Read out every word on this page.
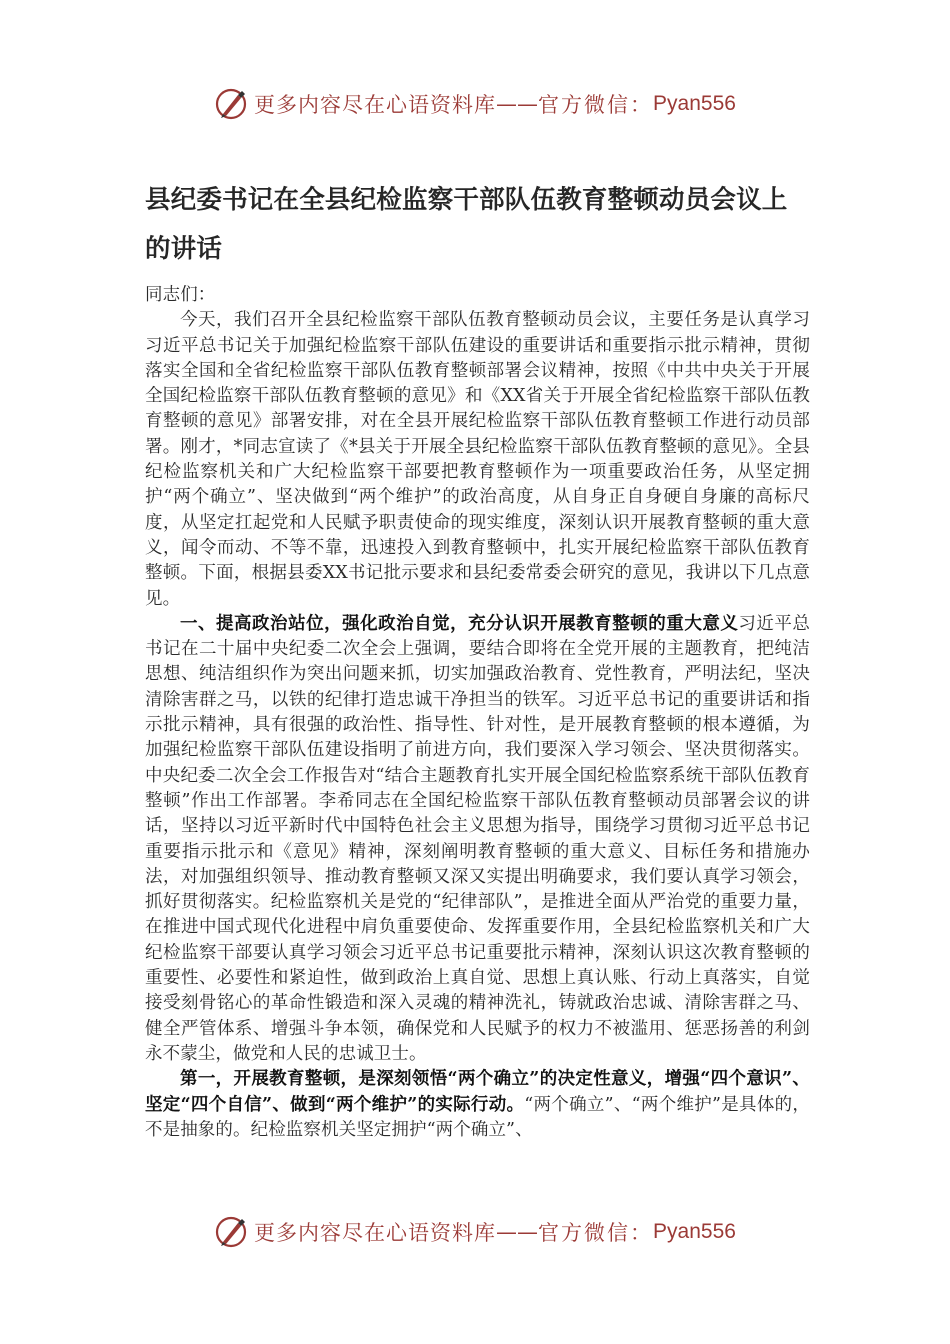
更多内容尽在心语资料库 —— 官方微信： Pyan556
县纪委书记在全县纪检监察干部队伍教育整顿动员会议上的讲话

同志们：

今天，我们召开全县纪检监察干部队伍教育整顿动员会议，主要任务是认真学习习近平总书记关于加强纪检监察干部队伍建设的重要讲话和重要指示批示精神，贯彻落实全国和全省纪检监察干部队伍教育整顿部署会议精神，按照《中共中央关于开展全国纪检监察干部队伍教育整顿的意见》和《XX省关于开展全省纪检监察干部队伍教育整顿的意见》部署安排，对在全县开展纪检监察干部队伍教育整顿工作进行动员部署。刚才，*同志宣读了《*县关于开展全县纪检监察干部队伍教育整顿的意见》。全县纪检监察机关和广大纪检监察干部要把教育整顿作为一项重要政治任务，从坚定拥护“两个确立”、坚决做到“两个维护”的政治高度，从自身正自身硬自身廉的高标尺度，从坚定扛起党和人民赋予职责使命的现实维度，深刻认识开展教育整顿的重大意义，闻令而动、不等不靠，迅速投入到教育整顿中，扎实开展纪检监察干部队伍教育整顿。下面，根据县委XX书记批示要求和县纪委常委会研究的意见，我讲以下几点意见。

一、提高政治站位，强化政治自觉，充分认识开展教育整顿的重大意义习近平总书记在二十届中央纪委二次全会上强调，要结合即将在全党开展的主题教育，把纯洁思想、纯洁组织作为突出问题来抓，切实加强政治教育、党性教育，严明法纪，坚决清除害群之马，以铁的纪律打造忠诚干净担当的铁军。习近平总书记的重要讲话和指示批示精神，具有很强的政治性、指导性、针对性，是开展教育整顿的根本遵循，为加强纪检监察干部队伍建设指明了前进方向，我们要深入学习领会、坚决贯彻落实。中央纪委二次全会工作报告对“结合主题教育扎实开展全国纪检监察系统干部队伍教育整顿”作出工作部署。李希同志在全国纪检监察干部队伍教育整顿动员部署会议的讲话，坚持以习近平新时代中国特色社会主义思想为指导，围绕学习贯彻习近平总书记重要指示批示和《意见》精神，深刻阐明教育整顿的重大意义、目标任务和措施办法，对加强组织领导、推动教育整顿又深又实提出明确要求，我们要认真学习领会，抓好贯彻落实。纪检监察机关是党的“纪律部队”，是推进全面从严治党的重要力量，在推进中国式现代化进程中肩负重要使命、发挥重要作用，全县纪检监察机关和广大纪检监察干部要认真学习领会习近平总书记重要批示精神，深刻认识这次教育整顿的重要性、必要性和紧迫性，做到政治上真自觉、思想上真认账、行动上真落实，自觉接受刻骨铭心的革命性锻造和深入灵魂的精神洗礼，铸就政治忠诚、清除害群之马、健全严管体系、增强斗争本领，确保党和人民赋予的权力不被滥用、惩恶扬善的利剑永不蒙尘，做党和人民的忠诚卫士。

第一，开展教育整顿，是深刻领悟“两个确立”的决定性意义，增强“四个意识”、坚定“四个自信”、做到“两个维护”的实际行动。“两个确立”、“两个维护”是具体的，不是抽象的。纪检监察机关坚定拥护“两个确立”、

更多内容尽在心语资料库 —— 官方微信： Pyan556
